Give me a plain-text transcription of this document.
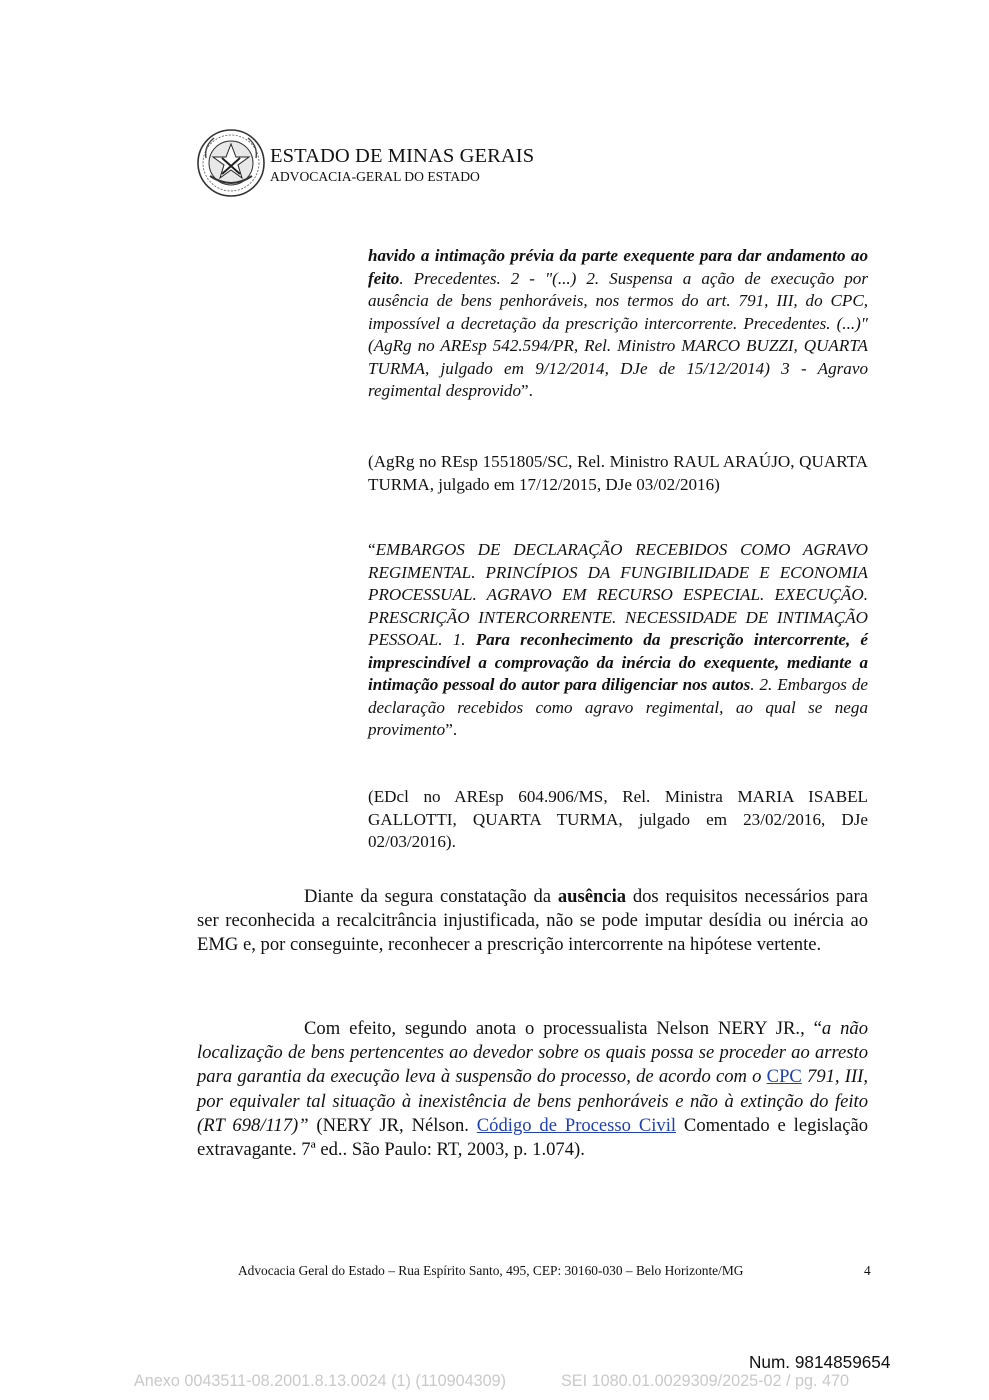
ESTADO DE MINAS GERAIS
ADVOCACIA-GERAL DO ESTADO

havido a intimação prévia da parte exequente para dar andamento ao feito. Precedentes. 2 - "(...) 2. Suspensa a ação de execução por ausência de bens penhoráveis, nos termos do art. 791, III, do CPC, impossível a decretação da prescrição intercorrente. Precedentes. (...)" (AgRg no AREsp 542.594/PR, Rel. Ministro MARCO BUZZI, QUARTA TURMA, julgado em 9/12/2014, DJe de 15/12/2014) 3 - Agravo regimental desprovido”.

(AgRg no REsp 1551805/SC, Rel. Ministro RAUL ARAÚJO, QUARTA TURMA, julgado em 17/12/2015, DJe 03/02/2016)

“EMBARGOS DE DECLARAÇÃO RECEBIDOS COMO AGRAVO REGIMENTAL. PRINCÍPIOS DA FUNGIBILIDADE E ECONOMIA PROCESSUAL. AGRAVO EM RECURSO ESPECIAL. EXECUÇÃO. PRESCRIÇÃO INTERCORRENTE. NECESSIDADE DE INTIMAÇÃO PESSOAL. 1. Para reconhecimento da prescrição intercorrente, é imprescindível a comprovação da inércia do exequente, mediante a intimação pessoal do autor para diligenciar nos autos. 2. Embargos de declaração recebidos como agravo regimental, ao qual se nega provimento”.

(EDcl no AREsp 604.906/MS, Rel. Ministra MARIA ISABEL GALLOTTI, QUARTA TURMA, julgado em 23/02/2016, DJe 02/03/2016).

Diante da segura constatação da ausência dos requisitos necessários para ser reconhecida a recalcitrância injustificada, não se pode imputar desídia ou inércia ao EMG e, por conseguinte, reconhecer a prescrição intercorrente na hipótese vertente.

Com efeito, segundo anota o processualista Nelson NERY JR., “a não localização de bens pertencentes ao devedor sobre os quais possa se proceder ao arresto para garantia da execução leva à suspensão do processo, de acordo com o CPC 791, III, por equivaler tal situação à inexistência de bens penhoráveis e não à extinção do feito (RT 698/117)” (NERY JR, Nélson. Código de Processo Civil Comentado e legislação extravagante. 7ª ed.. São Paulo: RT, 2003, p. 1.074).

Advocacia Geral do Estado – Rua Espírito Santo, 495, CEP: 30160-030 – Belo Horizonte/MG	4
Num. 9814859654
Anexo 0043511-08.2001.8.13.0024 (1) (110904309)	SEI 1080.01.0029309/2025-02 / pg. 470
